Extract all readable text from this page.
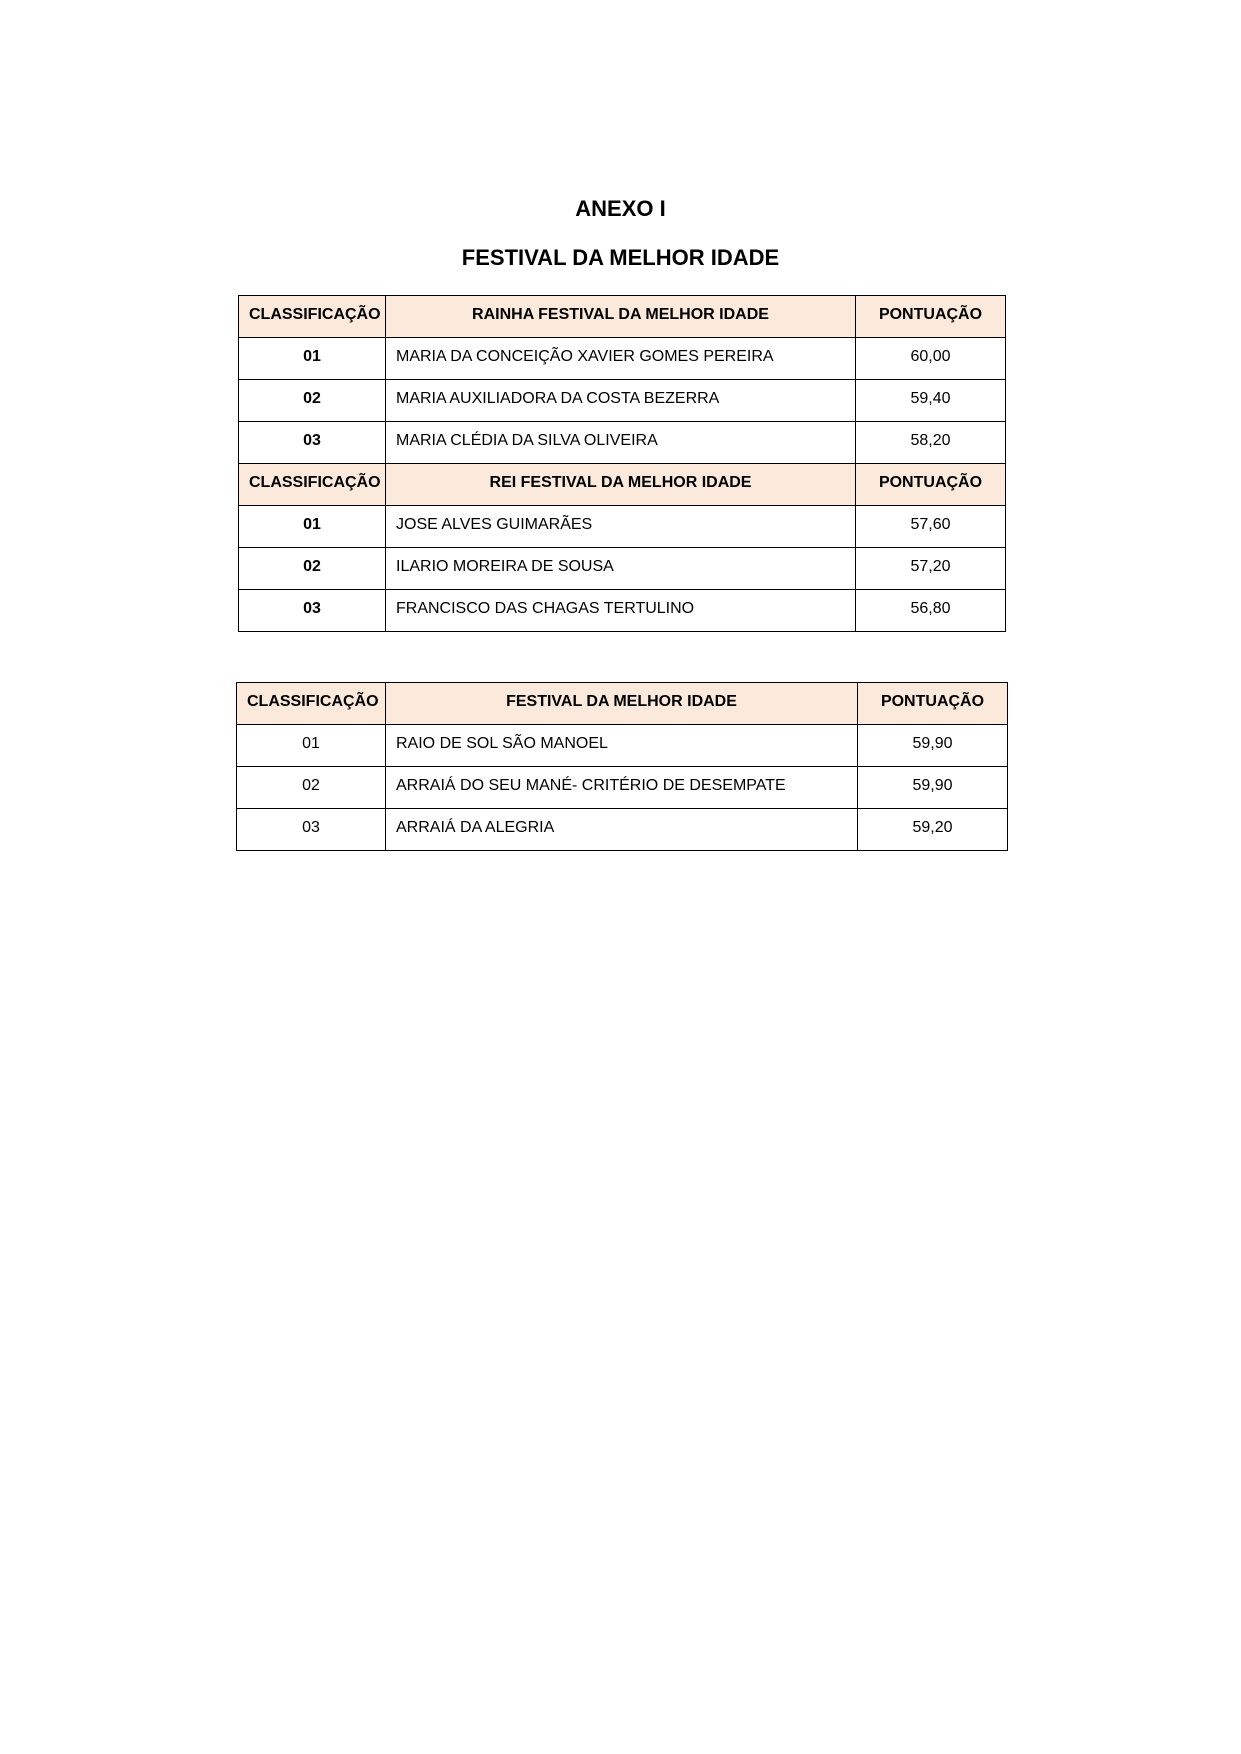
ANEXO I
FESTIVAL DA MELHOR IDADE
CLASSIFICAÇÃO	RAINHA FESTIVAL DA MELHOR IDADE	PONTUAÇÃO
01	MARIA DA CONCEIÇÃO XAVIER GOMES PEREIRA	60,00
02	MARIA AUXILIADORA DA COSTA BEZERRA	59,40
03	MARIA CLÉDIA DA SILVA OLIVEIRA	58,20
CLASSIFICAÇÃO	REI FESTIVAL DA MELHOR IDADE	PONTUAÇÃO
01	JOSE ALVES GUIMARÃES	57,60
02	ILARIO MOREIRA DE SOUSA	57,20
03	FRANCISCO DAS CHAGAS TERTULINO	56,80
CLASSIFICAÇÃO	FESTIVAL DA MELHOR IDADE	PONTUAÇÃO
01	RAIO DE SOL SÃO MANOEL	59,90
02	ARRAIÁ DO SEU MANÉ- CRITÉRIO DE DESEMPATE	59,90
03	ARRAIÁ DA ALEGRIA	59,20
